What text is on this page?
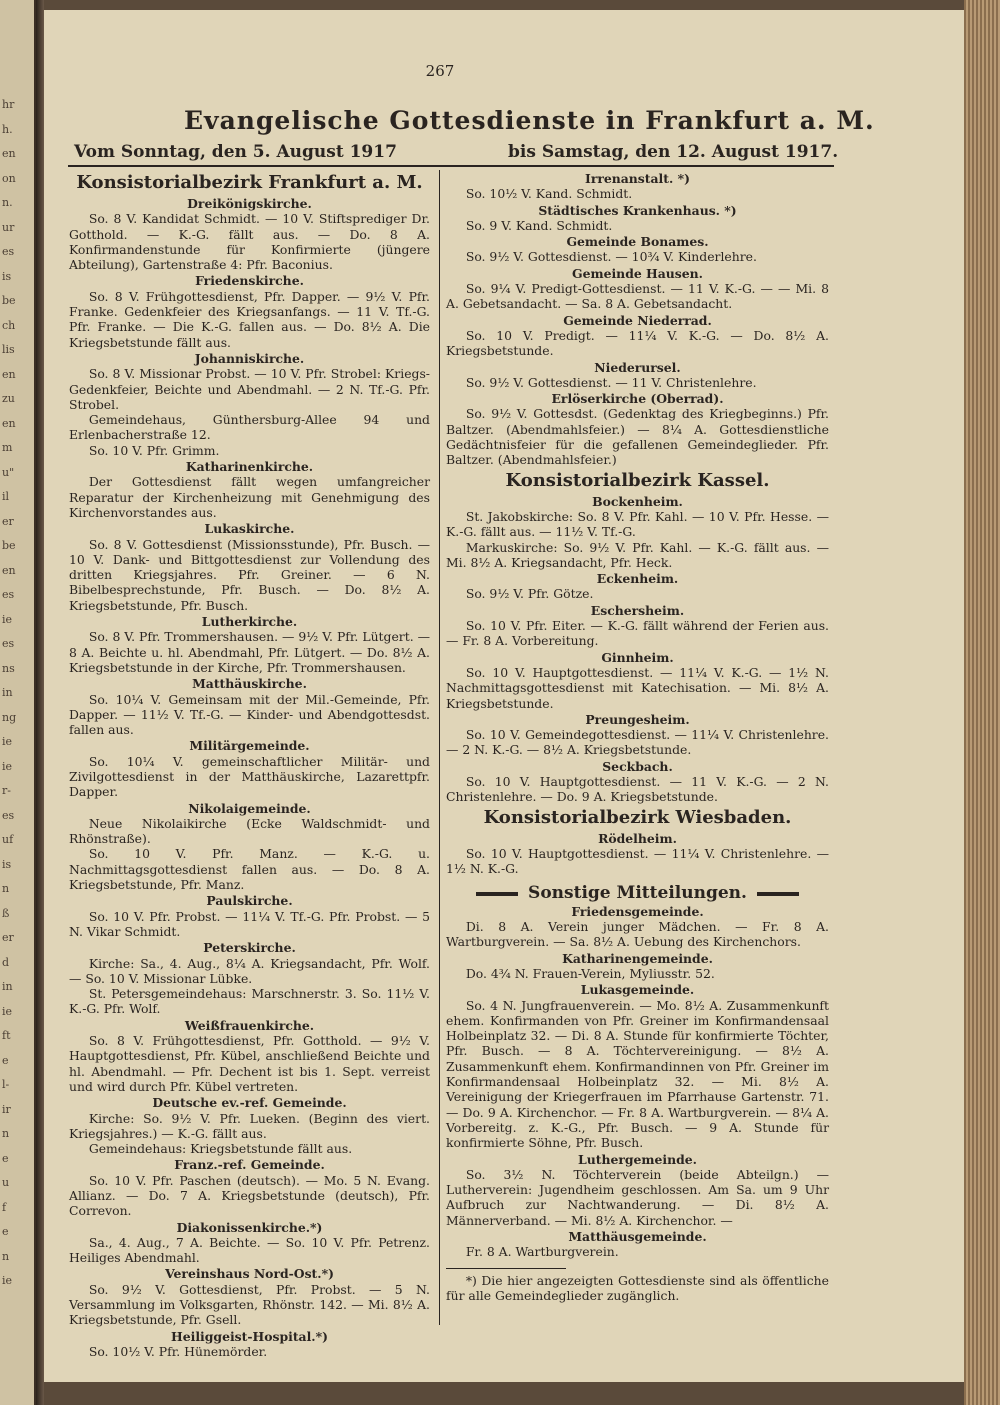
hr
h.
en
on
n.
ur
es
is
be
ch
lis
en
zu
en
m
u"
il
er
be
en
es
ie
es
ns
in
ng
ie
ie
r-
es
uf
is
n
ß
er
d
in
ie
ft
e
l-
ir
n
e
u
f
e
n
ie
267
Evangelische Gottesdienste in Frankfurt a. M.
Vom Sonntag, den 5. August 1917	bis Samstag, den 12. August 1917.
Konsistorialbezirk Frankfurt a. M.
Dreikönigskirche.

So. 8 V. Kandidat Schmidt. — 10 V. Stiftsprediger Dr. Gotthold. — K.-G. fällt aus. — Do. 8 A. Konfirmandenstunde für Konfirmierte (jüngere Abteilung), Gartenstraße 4: Pfr. Baconius.

Friedenskirche.

So. 8 V. Frühgottesdienst, Pfr. Dapper. — 9½ V. Pfr. Franke. Gedenkfeier des Kriegsanfangs. — 11 V. Tf.-G. Pfr. Franke. — Die K.-G. fallen aus. — Do. 8½ A. Die Kriegsbetstunde fällt aus.

Johanniskirche.

So. 8 V. Missionar Probst. — 10 V. Pfr. Strobel: Kriegs-Gedenkfeier, Beichte und Abendmahl. — 2 N. Tf.-G. Pfr. Strobel.

Gemeindehaus, Günthersburg-Allee 94 und Erlenbacherstraße 12.

So. 10 V. Pfr. Grimm.

Katharinenkirche.

Der Gottesdienst fällt wegen umfangreicher Reparatur der Kirchenheizung mit Genehmigung des Kirchenvorstandes aus.

Lukaskirche.

So. 8 V. Gottesdienst (Missionsstunde), Pfr. Busch. — 10 V. Dank- und Bittgottesdienst zur Vollendung des dritten Kriegsjahres. Pfr. Greiner. — 6 N. Bibelbesprechstunde, Pfr. Busch. — Do. 8½ A. Kriegsbetstunde, Pfr. Busch.

Lutherkirche.

So. 8 V. Pfr. Trommershausen. — 9½ V. Pfr. Lütgert. — 8 A. Beichte u. hl. Abendmahl, Pfr. Lütgert. — Do. 8½ A. Kriegsbetstunde in der Kirche, Pfr. Trommershausen.

Matthäuskirche.

So. 10¼ V. Gemeinsam mit der Mil.-Gemeinde, Pfr. Dapper. — 11½ V. Tf.-G. — Kinder- und Abendgottesdst. fallen aus.

Militärgemeinde.

So. 10¼ V. gemeinschaftlicher Militär- und Zivilgottesdienst in der Matthäuskirche, Lazarettpfr. Dapper.

Nikolaigemeinde.

Neue Nikolaikirche (Ecke Waldschmidt- und Rhönstraße).

So. 10 V. Pfr. Manz. — K.-G. u. Nachmittagsgottesdienst fallen aus. — Do. 8 A. Kriegsbetstunde, Pfr. Manz.

Paulskirche.

So. 10 V. Pfr. Probst. — 11¼ V. Tf.-G. Pfr. Probst. — 5 N. Vikar Schmidt.

Peterskirche.

Kirche: Sa., 4. Aug., 8¼ A. Kriegsandacht, Pfr. Wolf. — So. 10 V. Missionar Lübke.

St. Petersgemeindehaus: Marschnerstr. 3. So. 11½ V. K.-G. Pfr. Wolf.

Weißfrauenkirche.

So. 8 V. Frühgottesdienst, Pfr. Gotthold. — 9½ V. Hauptgottesdienst, Pfr. Kübel, anschließend Beichte und hl. Abendmahl. — Pfr. Dechent ist bis 1. Sept. verreist und wird durch Pfr. Kübel vertreten.

Deutsche ev.-ref. Gemeinde.

Kirche: So. 9½ V. Pfr. Lueken. (Beginn des viert. Kriegsjahres.) — K.-G. fällt aus.

Gemeindehaus: Kriegsbetstunde fällt aus.

Franz.-ref. Gemeinde.

So. 10 V. Pfr. Paschen (deutsch). — Mo. 5 N. Evang. Allianz. — Do. 7 A. Kriegsbetstunde (deutsch), Pfr. Correvon.

Diakonissenkirche.*)

Sa., 4. Aug., 7 A. Beichte. — So. 10 V. Pfr. Petrenz. Heiliges Abendmahl.

Vereinshaus Nord-Ost.*)

So. 9½ V. Gottesdienst, Pfr. Probst. — 5 N. Versammlung im Volksgarten, Rhönstr. 142. — Mi. 8½ A. Kriegsbetstunde, Pfr. Gsell.

Heiliggeist-Hospital.*)

So. 10½ V. Pfr. Hünemörder.

Irrenanstalt. *)

So. 10½ V. Kand. Schmidt.

Städtisches Krankenhaus. *)

So. 9 V. Kand. Schmidt.

Gemeinde Bonames.

So. 9½ V. Gottesdienst. — 10¾ V. Kinderlehre.

Gemeinde Hausen.

So. 9¼ V. Predigt-Gottesdienst. — 11 V. K.-G. — — Mi. 8 A. Gebetsandacht. — Sa. 8 A. Gebetsandacht.

Gemeinde Niederrad.

So. 10 V. Predigt. — 11¼ V. K.-G. — Do. 8½ A. Kriegsbetstunde.

Niederursel.

So. 9½ V. Gottesdienst. — 11 V. Christenlehre.

Erlöserkirche (Oberrad).

So. 9½ V. Gottesdst. (Gedenktag des Kriegbeginns.) Pfr. Baltzer. (Abendmahlsfeier.) — 8¼ A. Gottesdienstliche Gedächtnisfeier für die gefallenen Gemeindeglieder. Pfr. Baltzer. (Abendmahlsfeier.)

Konsistorialbezirk Kassel.
Bockenheim.

St. Jakobskirche: So. 8 V. Pfr. Kahl. — 10 V. Pfr. Hesse. — K.-G. fällt aus. — 11½ V. Tf.-G.

Markuskirche: So. 9½ V. Pfr. Kahl. — K.-G. fällt aus. — Mi. 8½ A. Kriegsandacht, Pfr. Heck.

Eckenheim.

So. 9½ V. Pfr. Götze.

Eschersheim.

So. 10 V. Pfr. Eiter. — K.-G. fällt während der Ferien aus. — Fr. 8 A. Vorbereitung.

Ginnheim.

So. 10 V. Hauptgottesdienst. — 11¼ V. K.-G. — 1½ N. Nachmittagsgottesdienst mit Katechisation. — Mi. 8½ A. Kriegsbetstunde.

Preungesheim.

So. 10 V. Gemeindegottesdienst. — 11¼ V. Christenlehre. — 2 N. K.-G. — 8½ A. Kriegsbetstunde.

Seckbach.

So. 10 V. Hauptgottesdienst. — 11 V. K.-G. — 2 N. Christenlehre. — Do. 9 A. Kriegsbetstunde.

Konsistorialbezirk Wiesbaden.
Rödelheim.

So. 10 V. Hauptgottesdienst. — 11¼ V. Christenlehre. — 1½ N. K.-G.

Sonstige Mitteilungen.
Friedensgemeinde.

Di. 8 A. Verein junger Mädchen. — Fr. 8 A. Wartburgverein. — Sa. 8½ A. Uebung des Kirchenchors.

Katharinengemeinde.

Do. 4¾ N. Frauen-Verein, Myliusstr. 52.

Lukasgemeinde.

So. 4 N. Jungfrauenverein. — Mo. 8½ A. Zusammenkunft ehem. Konfirmanden von Pfr. Greiner im Konfirmandensaal Holbeinplatz 32. — Di. 8 A. Stunde für konfirmierte Töchter, Pfr. Busch. — 8 A. Töchtervereinigung. — 8½ A. Zusammenkunft ehem. Konfirmandinnen von Pfr. Greiner im Konfirmandensaal Holbeinplatz 32. — Mi. 8½ A. Vereinigung der Kriegerfrauen im Pfarrhause Gartenstr. 71. — Do. 9 A. Kirchenchor. — Fr. 8 A. Wartburgverein. — 8¼ A. Vorbereitg. z. K.-G., Pfr. Busch. — 9 A. Stunde für konfirmierte Söhne, Pfr. Busch.

Luthergemeinde.

So. 3½ N. Töchterverein (beide Abteilgn.) — Lutherverein: Jugendheim geschlossen. Am Sa. um 9 Uhr Aufbruch zur Nachtwanderung. — Di. 8½ A. Männerverband. — Mi. 8½ A. Kirchenchor. —

Matthäusgemeinde.

Fr. 8 A. Wartburgverein.

*) Die hier angezeigten Gottesdienste sind als öffentliche für alle Gemeindeglieder zugänglich.
